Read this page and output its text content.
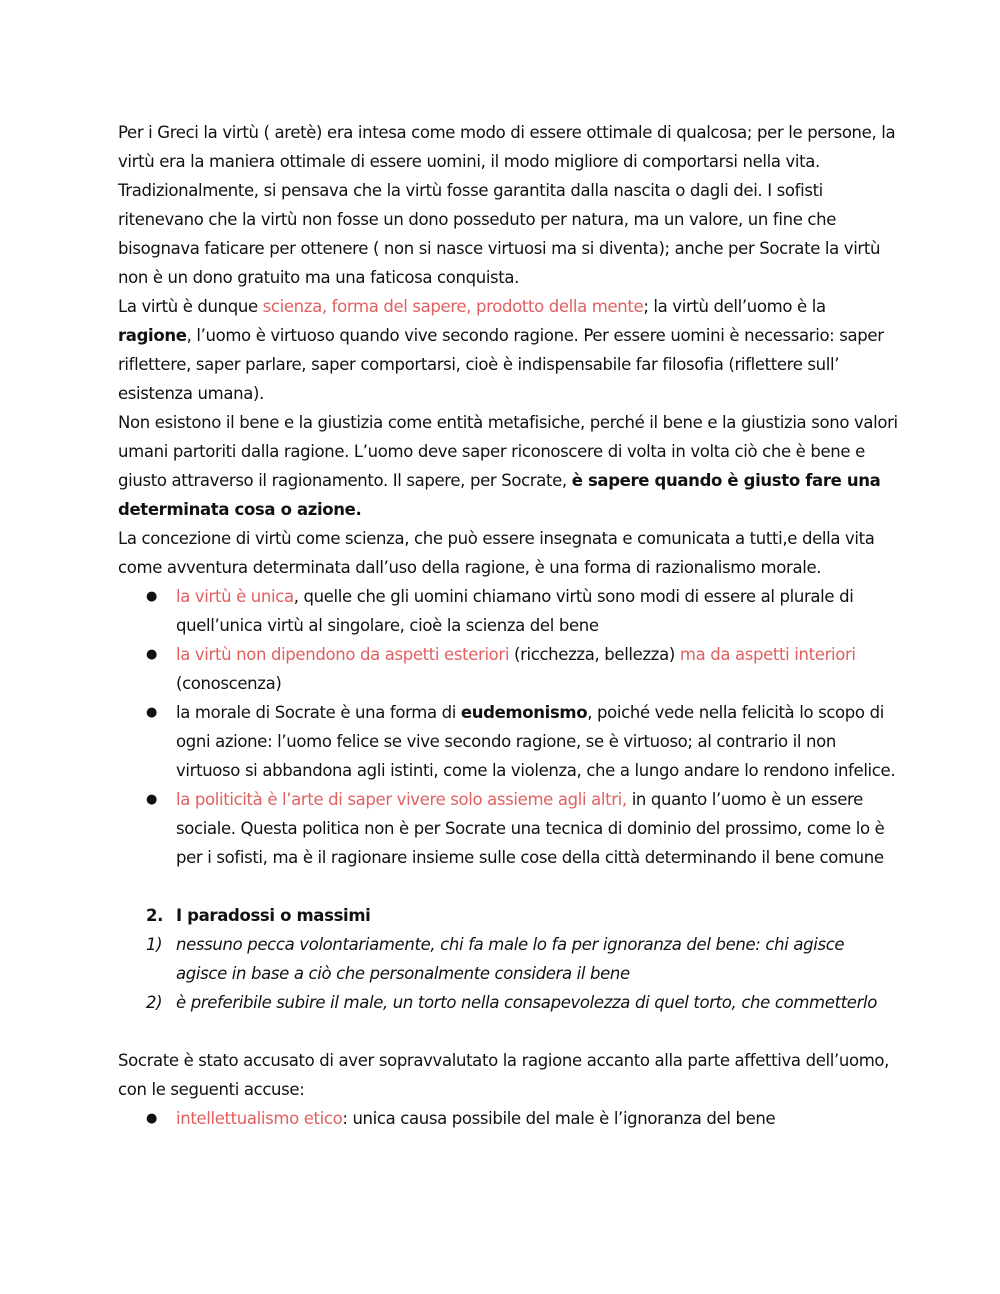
Per i Greci la virtù ( aretè) era intesa come modo di essere ottimale di qualcosa; per le persone, la virtù era la maniera ottimale di essere uomini, il modo migliore di comportarsi nella vita. Tradizionalmente, si pensava che la virtù fosse garantita dalla nascita o dagli dei. I sofisti ritenevano che la virtù non fosse un dono posseduto per natura, ma un valore, un fine che bisognava faticare per ottenere ( non si nasce virtuosi ma si diventa); anche per Socrate la virtù non è un dono gratuito ma una faticosa conquista.

La virtù è dunque scienza, forma del sapere, prodotto della mente; la virtù dell’uomo è la ragione, l’uomo è virtuoso quando vive secondo ragione. Per essere uomini è necessario: saper riflettere, saper parlare, saper comportarsi, cioè è indispensabile far filosofia (riflettere sull’ esistenza umana).

Non esistono il bene e la giustizia come entità metafisiche, perché il bene e la giustizia sono valori umani partoriti dalla ragione. L’uomo deve saper riconoscere di volta in volta ciò che è bene e giusto attraverso il ragionamento. Il sapere, per Socrate, è sapere quando è giusto fare una determinata cosa o azione.

La concezione di virtù come scienza, che può essere insegnata e comunicata a tutti,e della vita come avventura determinata dall’uso della ragione, è una forma di razionalismo morale.

● la virtù è unica, quelle che gli uomini chiamano virtù sono modi di essere al plurale di quell’unica virtù al singolare, cioè la scienza del bene
● la virtù non dipendono da aspetti esteriori (ricchezza, bellezza) ma da aspetti interiori (conoscenza)
● la morale di Socrate è una forma di eudemonismo, poiché vede nella felicità lo scopo di ogni azione: l’uomo felice se vive secondo ragione, se è virtuoso; al contrario il non virtuoso si abbandona agli istinti, come la violenza, che a lungo andare lo rendono infelice.
● la politicità è l’arte di saper vivere solo assieme agli altri, in quanto l’uomo è un essere sociale. Questa politica non è per Socrate una tecnica di dominio del prossimo, come lo è per i sofisti, ma è il ragionare insieme sulle cose della città determinando il bene comune

2. I paradossi o massimi

1) nessuno pecca volontariamente, chi fa male lo fa per ignoranza del bene: chi agisce agisce in base a ciò che personalmente considera il bene
2) è preferibile subire il male, un torto nella consapevolezza di quel torto, che commetterlo

Socrate è stato accusato di aver sopravvalutato la ragione accanto alla parte affettiva dell’uomo, con le seguenti accuse:

● intellettualismo etico: unica causa possibile del male è l’ignoranza del bene
